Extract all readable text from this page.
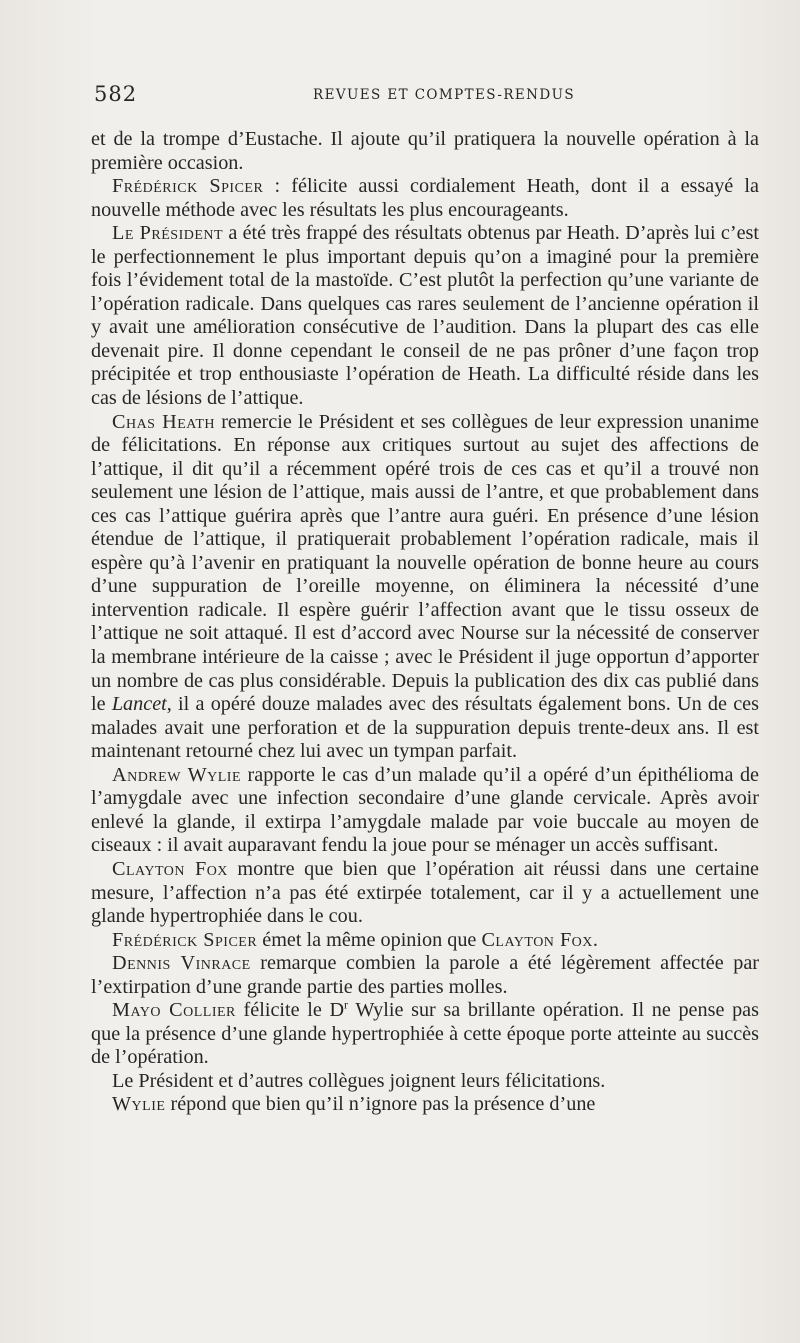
582	REVUES ET COMPTES-RENDUS

et de la trompe d’Eustache. Il ajoute qu’il pratiquera la nouvelle opération à la première occasion.

Frédérick Spicer : félicite aussi cordialement Heath, dont il a essayé la nouvelle méthode avec les résultats les plus encourageants.

Le Président a été très frappé des résultats obtenus par Heath. D’après lui c’est le perfectionnement le plus important depuis qu’on a imaginé pour la première fois l’évidement total de la mastoïde. C’est plutôt la perfection qu’une variante de l’opération radicale. Dans quelques cas rares seulement de l’ancienne opération il y avait une amélioration consécutive de l’audition. Dans la plupart des cas elle devenait pire. Il donne cependant le conseil de ne pas prôner d’une façon trop précipitée et trop enthousiaste l’opération de Heath. La difficulté réside dans les cas de lésions de l’attique.

Chas Heath remercie le Président et ses collègues de leur expression unanime de félicitations. En réponse aux critiques surtout au sujet des affections de l’attique, il dit qu’il a récemment opéré trois de ces cas et qu’il a trouvé non seulement une lésion de l’attique, mais aussi de l’antre, et que probablement dans ces cas l’attique guérira après que l’antre aura guéri. En présence d’une lésion étendue de l’attique, il pratiquerait probablement l’opération radicale, mais il espère qu’à l’avenir en pratiquant la nouvelle opération de bonne heure au cours d’une suppuration de l’oreille moyenne, on éliminera la nécessité d’une intervention radicale. Il espère guérir l’affection avant que le tissu osseux de l’attique ne soit attaqué. Il est d’accord avec Nourse sur la nécessité de conserver la membrane intérieure de la caisse ; avec le Président il juge opportun d’apporter un nombre de cas plus considérable. Depuis la publication des dix cas publié dans le Lancet, il a opéré douze malades avec des résultats également bons. Un de ces malades avait une perforation et de la suppuration depuis trente-deux ans. Il est maintenant retourné chez lui avec un tympan parfait.

Andrew Wylie rapporte le cas d’un malade qu’il a opéré d’un épithélioma de l’amygdale avec une infection secondaire d’une glande cervicale. Après avoir enlevé la glande, il extirpa l’amygdale malade par voie buccale au moyen de ciseaux : il avait auparavant fendu la joue pour se ménager un accès suffisant.

Clayton Fox montre que bien que l’opération ait réussi dans une certaine mesure, l’affection n’a pas été extirpée totalement, car il y a actuellement une glande hypertrophiée dans le cou.

Frédérick Spicer émet la même opinion que Clayton Fox.

Dennis Vinrace remarque combien la parole a été légèrement affectée par l’extirpation d’une grande partie des parties molles.

Mayo Collier félicite le $D^r$ Wylie sur sa brillante opération. Il ne pense pas que la présence d’une glande hypertrophiée à cette époque porte atteinte au succès de l’opération.

Le Président et d’autres collègues joignent leurs félicitations.

Wylie répond que bien qu’il n’ignore pas la présence d’une
